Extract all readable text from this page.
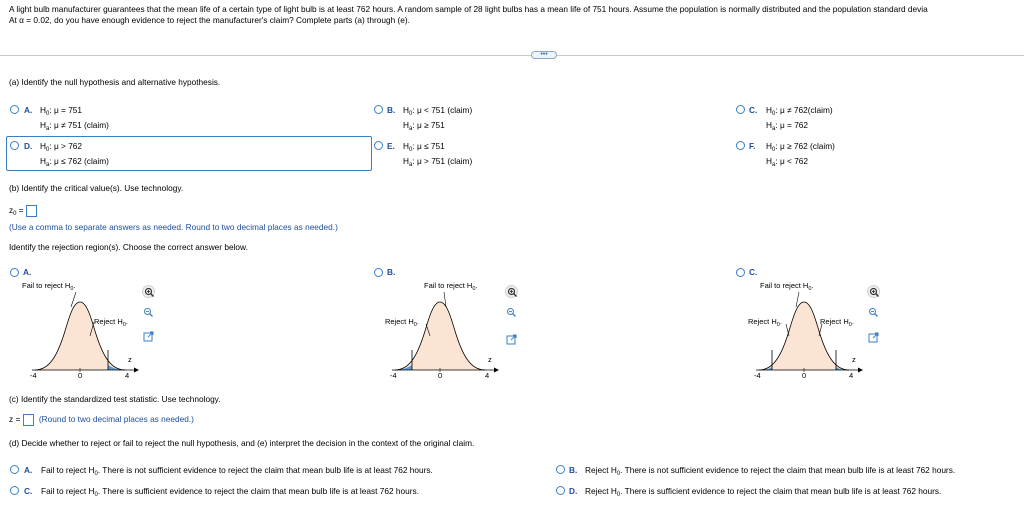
A light bulb manufacturer guarantees that the mean life of a certain type of light bulb is at least 762 hours. A random sample of 28 light bulbs has a mean life of 751 hours. Assume the population is normally distributed and the population standard devia
At α = 0.02, do you have enough evidence to reject the manufacturer's claim? Complete parts (a) through (e).
•••
(a) Identify the null hypothesis and alternative hypothesis.
A. $H_0$: μ = 751
$H_a$: μ ≠ 751 (claim)
D. $H_0$: μ > 762
$H_a$: μ ≤ 762 (claim)
B. $H_0$: μ < 751 (claim)
$H_a$: μ ≥ 751
E. $H_0$: μ ≤ 751
$H_a$: μ > 751 (claim)
C. $H_0$: μ ≠ 762(claim)
$H_a$: μ = 762
F. $H_0$: μ ≥ 762 (claim)
$H_a$: μ < 762
(b) Identify the critical value(s). Use technology.
$z_0$ =
(Use a comma to separate answers as needed. Round to two decimal places as needed.)
Identify the rejection region(s). Choose the correct answer below.
A.
Fail to reject $H_0$.
Reject $H_0$.
-4	0	4
z
B.
Fail to reject $H_0$.
Reject $H_0$.
-4	0	4
z
C.
Fail to reject $H_0$.
Reject $H_0$.	Reject $H_0$.
-4	0	4
z
(c) Identify the standardized test statistic. Use technology.
z =  (Round to two decimal places as needed.)
(d) Decide whether to reject or fail to reject the null hypothesis, and (e) interpret the decision in the context of the original claim.
A. Fail to reject $H_0$. There is not sufficient evidence to reject the claim that mean bulb life is at least 762 hours.
C. Fail to reject $H_0$. There is sufficient evidence to reject the claim that mean bulb life is at least 762 hours.
B. Reject $H_0$. There is not sufficient evidence to reject the claim that mean bulb life is at least 762 hours.
D. Reject $H_0$. There is sufficient evidence to reject the claim that mean bulb life is at least 762 hours.
